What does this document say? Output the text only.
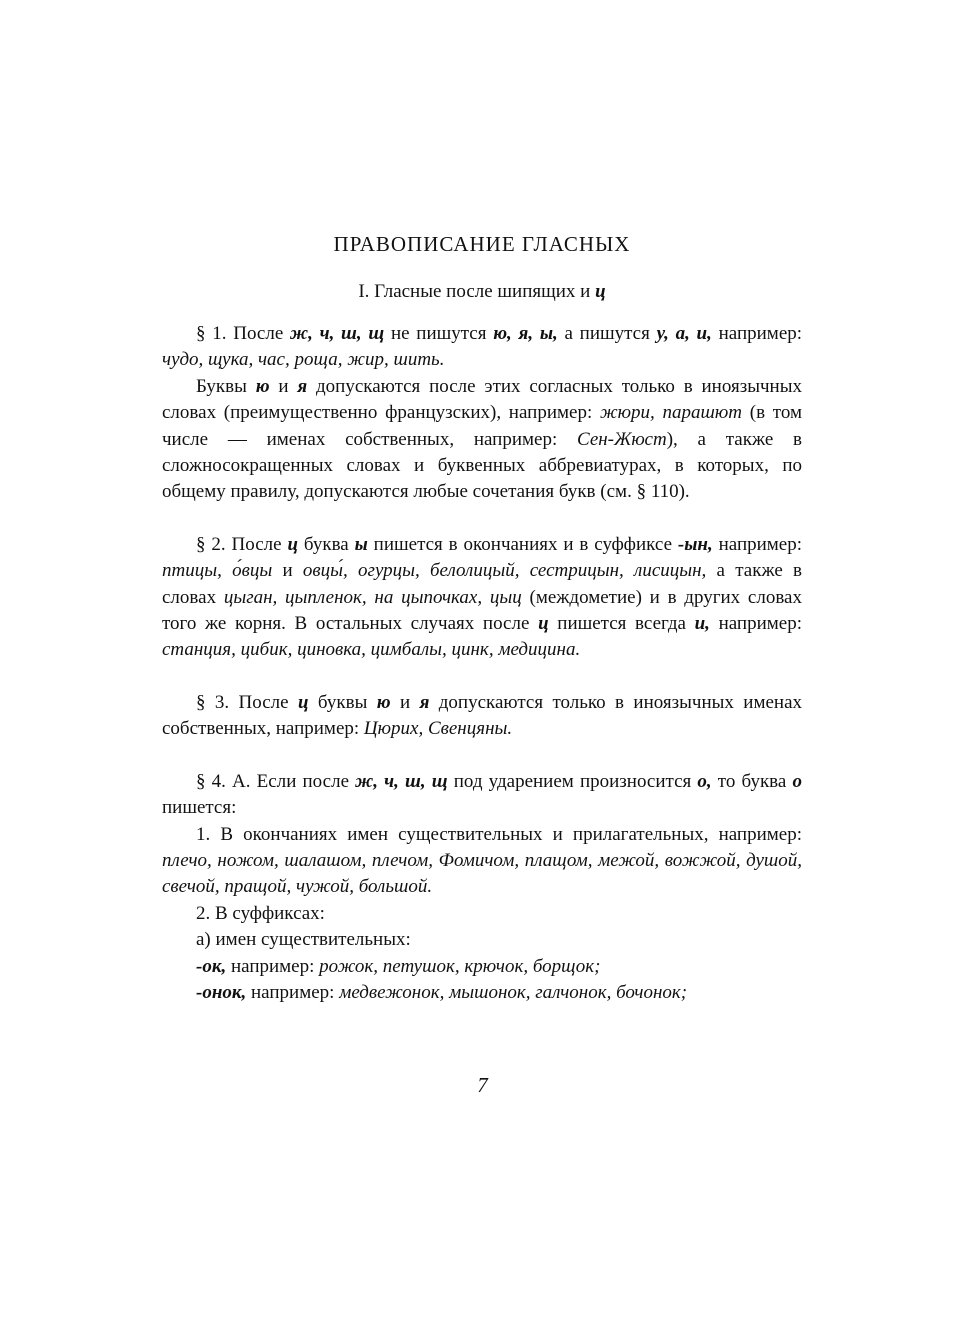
ПРАВОПИСАНИЕ ГЛАСНЫХ
I. Гласные после шипящих и ц

§ 1. После ж, ч, ш, щ не пишутся ю, я, ы, а пишутся у, а, и, например: чудо, щука, час, роща, жир, шить.

Буквы ю и я допускаются после этих согласных только в иноязычных словах (преимущественно французских), например: жюри, парашют (в том числе — именах собственных, например: Сен-Жюст), а также в сложносокращенных словах и буквенных аббревиатурах, в которых, по общему правилу, допускаются любые сочетания букв (см. § 110).

§ 2. После ц буква ы пишется в окончаниях и в суффиксе -ын, например: птицы, о́вцы и овцы́, огурцы, белолицый, сестрицын, лисицын, а также в словах цыган, цыпленок, на цыпочках, цыц (междометие) и в других словах того же корня. В остальных случаях после ц пишется всегда и, например: станция, цибик, циновка, цимбалы, цинк, медицина.

§ 3. После ц буквы ю и я допускаются только в иноязычных именах собственных, например: Цюрих, Свенцяны.

§ 4. А. Если после ж, ч, ш, щ под ударением произносится о, то буква о пишется:

1. В окончаниях имен существительных и прилагательных, например: плечо, ножом, шалашом, плечом, Фомичом, плащом, межой, вожжой, душой, свечой, пращой, чужой, большой.

2. В суффиксах:

а) имен существительных:

-ок, например: рожок, петушок, крючок, борщок;

-онок, например: медвежонок, мышонок, галчонок, бочонок;

7
